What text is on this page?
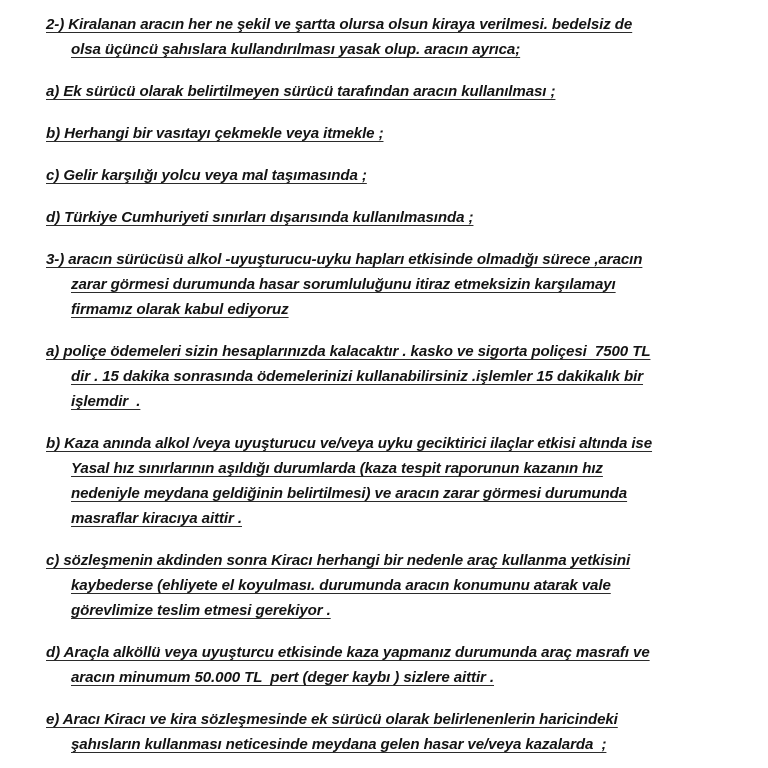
2-) Kiralanan aracın her ne şekil ve şartta olursa olsun kiraya verilmesi. bedelsiz de
olsa üçüncü şahıslara kullandırılması yasak olup. aracın ayrıca;
a) Ek sürücü olarak belirtilmeyen sürücü tarafından aracın kullanılması ;
b) Herhangi bir vasıtayı çekmekle veya itmekle ;
c) Gelir karşılığı yolcu veya mal taşımasında ;
d) Türkiye Cumhuriyeti sınırları dışarısında kullanılmasında ;
3-) aracın sürücüsü alkol -uyuşturucu-uyku hapları etkisinde olmadığı sürece ,aracın
zarar görmesi durumunda hasar sorumluluğunu itiraz etmeksizin karşılamayı
firmamız olarak kabul ediyoruz
a) poliçe ödemeleri sizin hesaplarınızda kalacaktır . kasko ve sigorta poliçesi  7500 TL
dir . 15 dakika sonrasında ödemelerinizi kullanabilirsiniz .işlemler 15 dakikalık bir
işlemdir  .
b) Kaza anında alkol /veya uyuşturucu ve/veya uyku geciktirici ilaçlar etkisi altında ise
Yasal hız sınırlarının aşıldığı durumlarda (kaza tespit raporunun kazanın hız
nedeniyle meydana geldiğinin belirtilmesi) ve aracın zarar görmesi durumunda
masraflar kiracıya aittir .
c) sözleşmenin akdinden sonra Kiracı herhangi bir nedenle araç kullanma yetkisini
kaybederse (ehliyete el koyulması. durumunda aracın konumunu atarak vale
görevlimize teslim etmesi gerekiyor .
d) Araçla alköllü veya uyuşturcu etkisinde kaza yapmanız durumunda araç masrafı ve
aracın minumum 50.000 TL  pert (deger kaybı ) sizlere aittir .
e) Aracı Kiracı ve kira sözleşmesinde ek sürücü olarak belirlenenlerin haricindeki
şahısların kullanması neticesinde meydana gelen hasar ve/veya kazalarda  ;
